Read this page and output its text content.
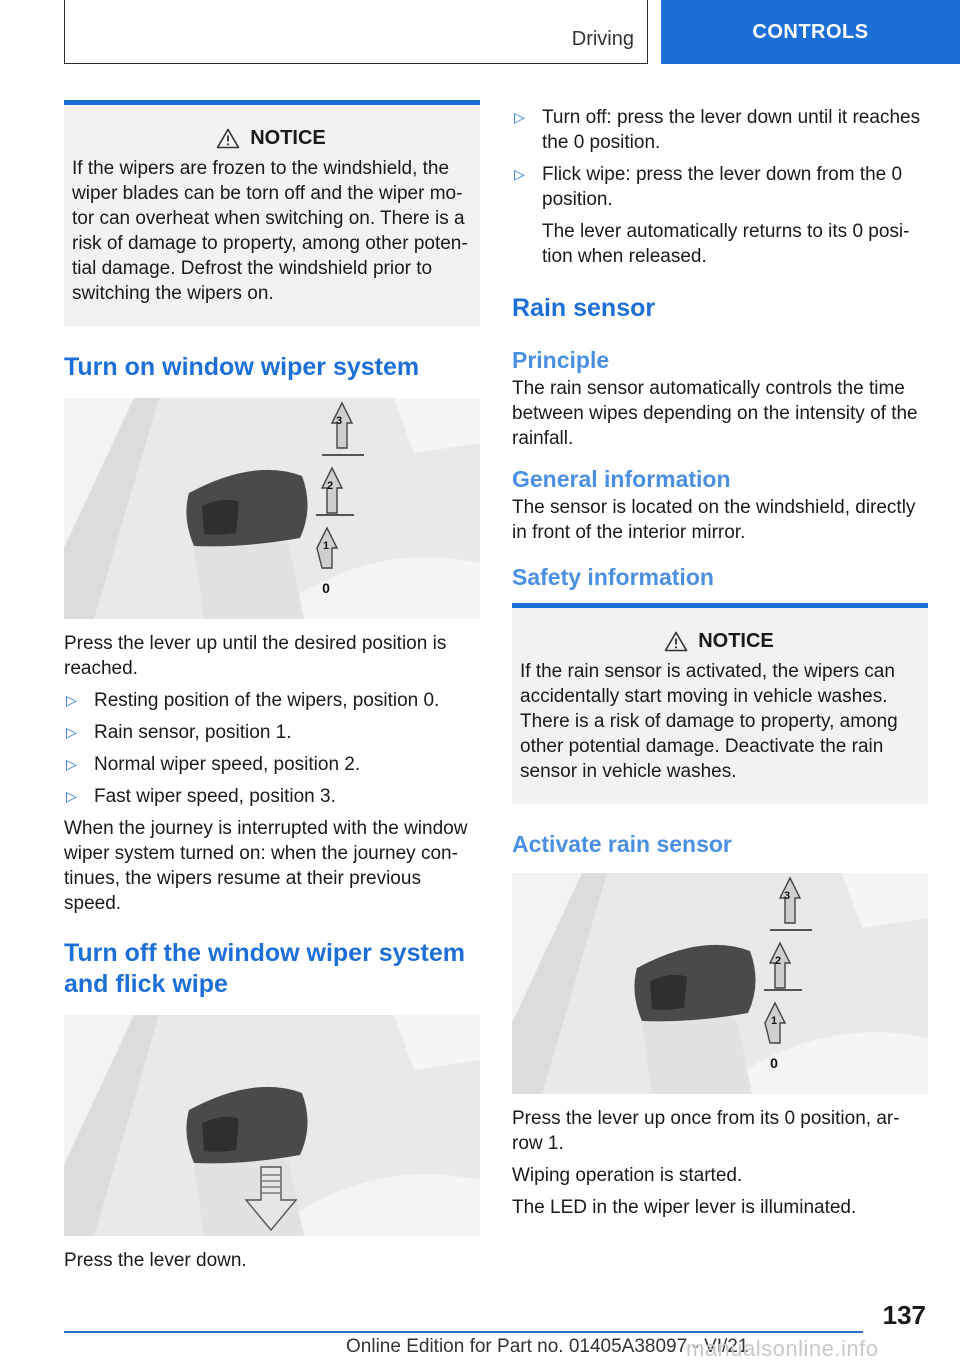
Driving	CONTROLS
NOTICE
If the wipers are frozen to the windshield, the wiper blades can be torn off and the wiper mo-tor can overheat when switching on. There is a risk of damage to property, among other poten-tial damage. Defrost the windshield prior to switching the wipers on.
Turn on window wiper system
3
2
1
0

Press the lever up until the desired position is reached.

▷ Resting position of the wipers, position 0.
▷ Rain sensor, position 1.
▷ Normal wiper speed, position 2.
▷ Fast wiper speed, position 3.

When the journey is interrupted with the window wiper system turned on: when the journey con-tinues, the wipers resume at their previous speed.

Turn off the window wiper system and flick wipe

Press the lever down.

▷ Turn off: press the lever down until it reaches the 0 position.
▷ Flick wipe: press the lever down from the 0 position.

The lever automatically returns to its 0 posi-tion when released.

Rain sensor
Principle

The rain sensor automatically controls the time between wipes depending on the intensity of the rainfall.

General information

The sensor is located on the windshield, directly in front of the interior mirror.

Safety information
NOTICE
If the rain sensor is activated, the wipers can accidentally start moving in vehicle washes. There is a risk of damage to property, among other potential damage. Deactivate the rain sensor in vehicle washes.
Activate rain sensor
3
2
1
0

Press the lever up once from its 0 position, ar-row 1.

Wiping operation is started.

The LED in the wiper lever is illuminated.

137
Online Edition for Part no. 01405A38097 - VI/21
manualsonline.info
